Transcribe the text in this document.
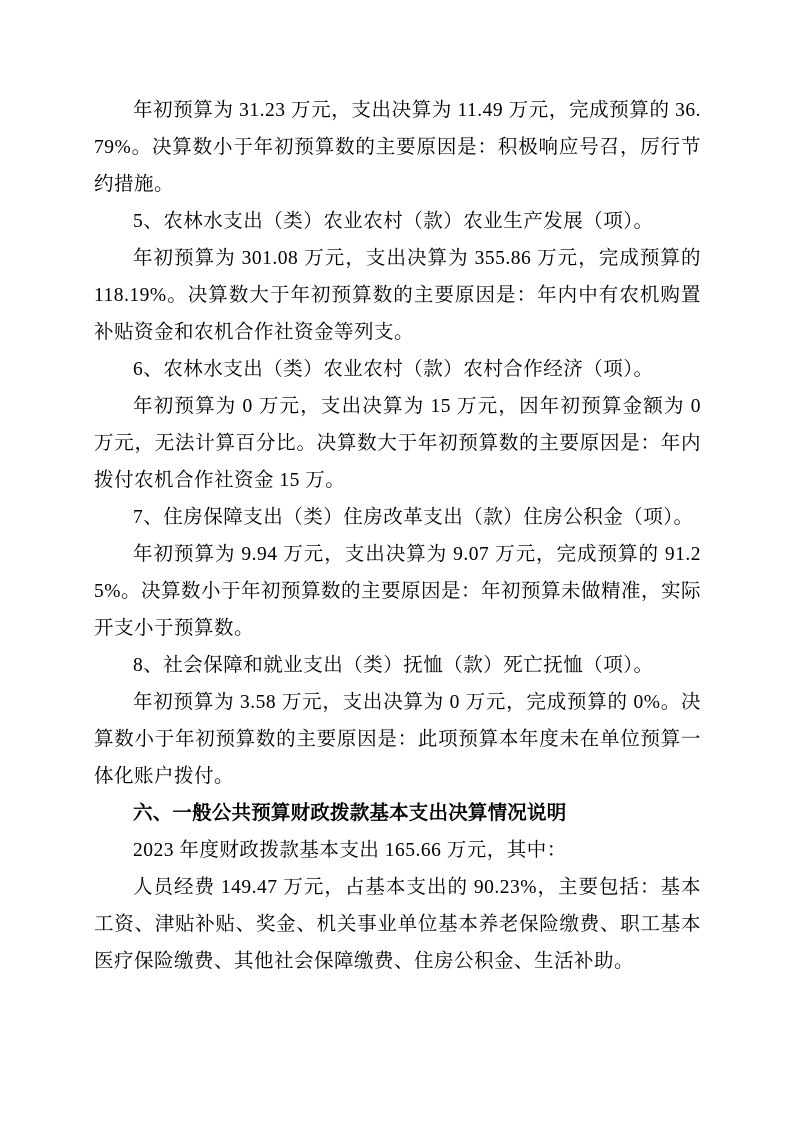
年初预算为 31.23 万元，支出决算为 11.49 万元，完成预算的 36.79%。决算数小于年初预算数的主要原因是：积极响应号召，厉行节约措施。

5、农林水支出（类）农业农村（款）农业生产发展（项）。

年初预算为 301.08 万元，支出决算为 355.86 万元，完成预算的 118.19%。决算数大于年初预算数的主要原因是：年内中有农机购置补贴资金和农机合作社资金等列支。

6、农林水支出（类）农业农村（款）农村合作经济（项）。

年初预算为 0 万元，支出决算为 15 万元，因年初预算金额为 0 万元，无法计算百分比。决算数大于年初预算数的主要原因是：年内拨付农机合作社资金 15 万。

7、住房保障支出（类）住房改革支出（款）住房公积金（项）。

年初预算为 9.94 万元，支出决算为 9.07 万元，完成预算的 91.25%。决算数小于年初预算数的主要原因是：年初预算未做精准，实际开支小于预算数。

8、社会保障和就业支出（类）抚恤（款）死亡抚恤（项）。

年初预算为 3.58 万元，支出决算为 0 万元，完成预算的 0%。决算数小于年初预算数的主要原因是：此项预算本年度未在单位预算一体化账户拨付。

六、一般公共预算财政拨款基本支出决算情况说明

2023 年度财政拨款基本支出 165.66 万元，其中：

人员经费 149.47 万元，占基本支出的 90.23%，主要包括：基本工资、津贴补贴、奖金、机关事业单位基本养老保险缴费、职工基本医疗保险缴费、其他社会保障缴费、住房公积金、生活补助。
